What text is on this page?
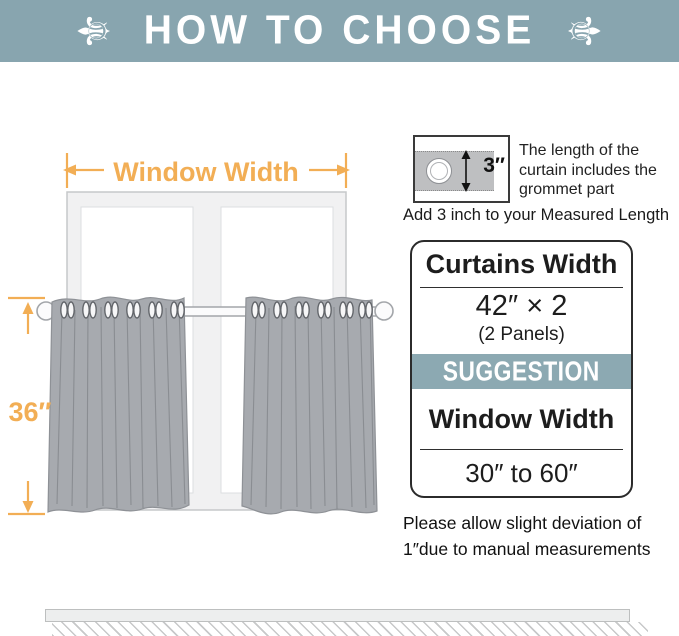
⚜ HOW TO CHOOSE ⚜
Window Width
36″
3″
The length of the curtain includes the grommet part
Add 3 inch to your Measured Length
Curtains Width
42″ × 2
(2 Panels)
SUGGESTION
Window Width
30″ to 60″
Please allow slight deviation of
1″due to manual measurements
